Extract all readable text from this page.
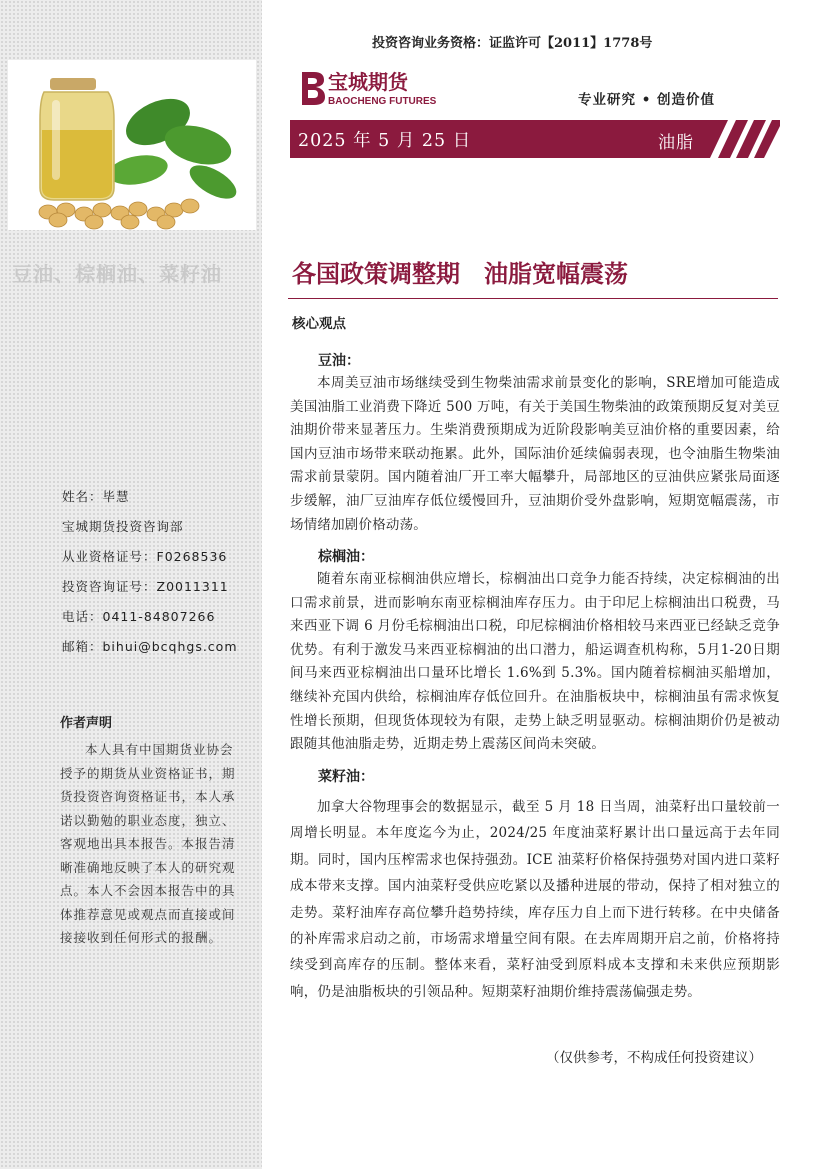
豆油、棕榈油、菜籽油
姓名：毕慧
宝城期货投资咨询部
从业资格证号：F0268536
投资咨询证号：Z0011311
电话：0411-84807266
邮箱：bihui@bcqhgs.com
作者声明
本人具有中国期货业协会授予的期货从业资格证书，期货投资咨询资格证书，本人承诺以勤勉的职业态度，独立、客观地出具本报告。本报告清晰准确地反映了本人的研究观点。本人不会因本报告中的具体推荐意见或观点而直接或间接接收到任何形式的报酬。
投资咨询业务资格：证监许可【2011】1778号
宝城期货
BAOCHENG FUTURES	专业研究 • 创造价值
2025 年 5 月 25 日	油脂
各国政策调整期　油脂宽幅震荡
核心观点
豆油：
本周美豆油市场继续受到生物柴油需求前景变化的影响，SRE增加可能造成美国油脂工业消费下降近 500 万吨，有关于美国生物柴油的政策预期反复对美豆油期价带来显著压力。生柴消费预期成为近阶段影响美豆油价格的重要因素，给国内豆油市场带来联动拖累。此外，国际油价延续偏弱表现，也令油脂生物柴油需求前景蒙阴。国内随着油厂开工率大幅攀升，局部地区的豆油供应紧张局面逐步缓解，油厂豆油库存低位缓慢回升，豆油期价受外盘影响，短期宽幅震荡，市场情绪加剧价格动荡。
棕榈油：
随着东南亚棕榈油供应增长，棕榈油出口竞争力能否持续，决定棕榈油的出口需求前景，进而影响东南亚棕榈油库存压力。由于印尼上棕榈油出口税费，马来西亚下调 6 月份毛棕榈油出口税，印尼棕榈油价格相较马来西亚已经缺乏竞争优势。有利于激发马来西亚棕榈油的出口潜力，船运调查机构称，5月1-20日期间马来西亚棕榈油出口量环比增长 1.6%到 5.3%。国内随着棕榈油买船增加，继续补充国内供给，棕榈油库存低位回升。在油脂板块中，棕榈油虽有需求恢复性增长预期，但现货体现较为有限，走势上缺乏明显驱动。棕榈油期价仍是被动跟随其他油脂走势，近期走势上震荡区间尚未突破。
菜籽油：
加拿大谷物理事会的数据显示，截至 5 月 18 日当周，油菜籽出口量较前一周增长明显。本年度迄今为止，2024/25 年度油菜籽累计出口量远高于去年同期。同时，国内压榨需求也保持强劲。ICE 油菜籽价格保持强势对国内进口菜籽成本带来支撑。国内油菜籽受供应吃紧以及播种进展的带动，保持了相对独立的走势。菜籽油库存高位攀升趋势持续，库存压力自上而下进行转移。在中央储备的补库需求启动之前，市场需求增量空间有限。在去库周期开启之前，价格将持续受到高库存的压制。整体来看，菜籽油受到原料成本支撑和未来供应预期影响，仍是油脂板块的引领品种。短期菜籽油期价维持震荡偏强走势。
（仅供参考，不构成任何投资建议）
